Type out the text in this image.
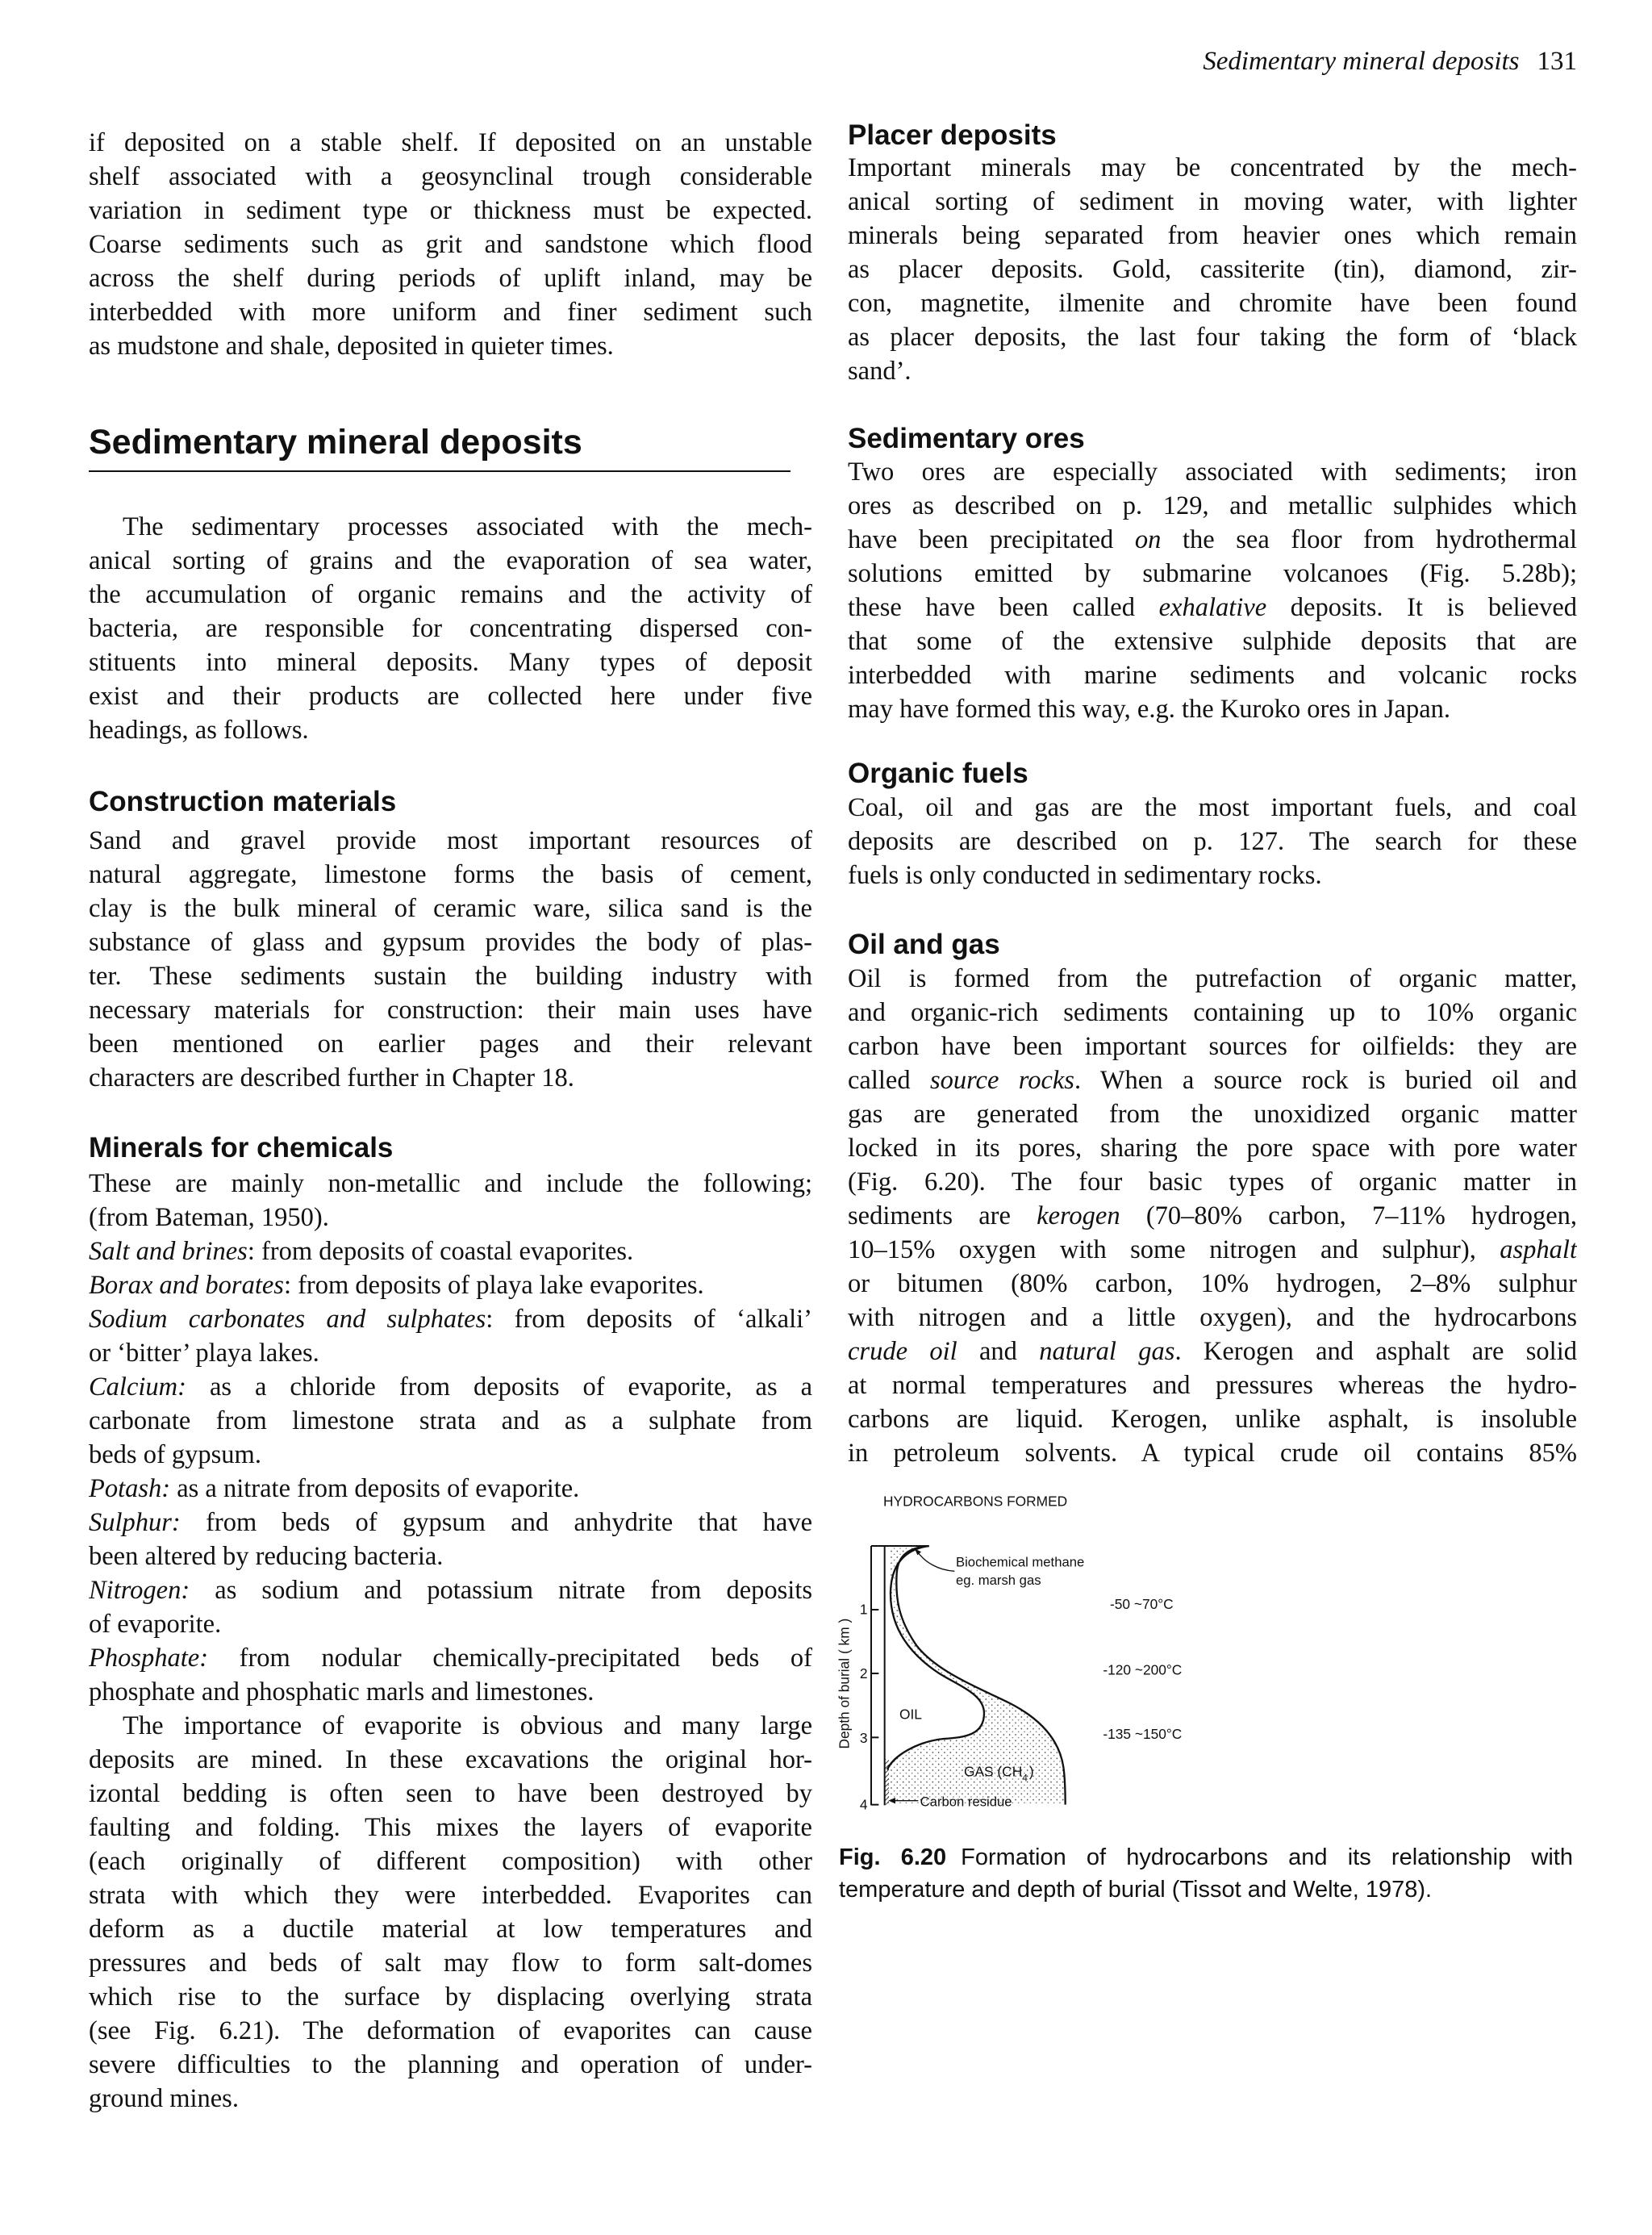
Sedimentary mineral deposits 131
if deposited on a stable shelf. If deposited on an unstable
shelf associated with a geosynclinal trough considerable
variation in sediment type or thickness must be expected.
Coarse sediments such as grit and sandstone which flood
across the shelf during periods of uplift inland, may be
interbedded with more uniform and finer sediment such
as mudstone and shale, deposited in quieter times.
Sedimentary mineral deposits
The sedimentary processes associated with the mech-
anical sorting of grains and the evaporation of sea water,
the accumulation of organic remains and the activity of
bacteria, are responsible for concentrating dispersed con-
stituents into mineral deposits. Many types of deposit
exist and their products are collected here under five
headings, as follows.
Construction materials
Sand and gravel provide most important resources of
natural aggregate, limestone forms the basis of cement,
clay is the bulk mineral of ceramic ware, silica sand is the
substance of glass and gypsum provides the body of plas-
ter. These sediments sustain the building industry with
necessary materials for construction: their main uses have
been mentioned on earlier pages and their relevant
characters are described further in Chapter 18.
Minerals for chemicals
These are mainly non-metallic and include the following;
(from Bateman, 1950).
Salt and brines: from deposits of coastal evaporites.
Borax and borates: from deposits of playa lake evaporites.
Sodium carbonates and sulphates: from deposits of ‘alkali’
or ‘bitter’ playa lakes.
Calcium: as a chloride from deposits of evaporite, as a
carbonate from limestone strata and as a sulphate from
beds of gypsum.
Potash: as a nitrate from deposits of evaporite.
Sulphur: from beds of gypsum and anhydrite that have
been altered by reducing bacteria.
Nitrogen: as sodium and potassium nitrate from deposits
of evaporite.
Phosphate: from nodular chemically-precipitated beds of
phosphate and phosphatic marls and limestones.
The importance of evaporite is obvious and many large
deposits are mined. In these excavations the original hor-
izontal bedding is often seen to have been destroyed by
faulting and folding. This mixes the layers of evaporite
(each originally of different composition) with other
strata with which they were interbedded. Evaporites can
deform as a ductile material at low temperatures and
pressures and beds of salt may flow to form salt-domes
which rise to the surface by displacing overlying strata
(see Fig. 6.21). The deformation of evaporites can cause
severe difficulties to the planning and operation of under-
ground mines.
Placer deposits
Important minerals may be concentrated by the mech-
anical sorting of sediment in moving water, with lighter
minerals being separated from heavier ones which remain
as placer deposits. Gold, cassiterite (tin), diamond, zir-
con, magnetite, ilmenite and chromite have been found
as placer deposits, the last four taking the form of ‘black
sand’.
Sedimentary ores
Two ores are especially associated with sediments; iron
ores as described on p. 129, and metallic sulphides which
have been precipitated on the sea floor from hydrothermal
solutions emitted by submarine volcanoes (Fig. 5.28b);
these have been called exhalative deposits. It is believed
that some of the extensive sulphide deposits that are
interbedded with marine sediments and volcanic rocks
may have formed this way, e.g. the Kuroko ores in Japan.
Organic fuels
Coal, oil and gas are the most important fuels, and coal
deposits are described on p. 127. The search for these
fuels is only conducted in sedimentary rocks.
Oil and gas
Oil is formed from the putrefaction of organic matter,
and organic-rich sediments containing up to 10% organic
carbon have been important sources for oilfields: they are
called source rocks. When a source rock is buried oil and
gas are generated from the unoxidized organic matter
locked in its pores, sharing the pore space with pore water
(Fig. 6.20). The four basic types of organic matter in
sediments are kerogen (70–80% carbon, 7–11% hydrogen,
10–15% oxygen with some nitrogen and sulphur), asphalt
or bitumen (80% carbon, 10% hydrogen, 2–8% sulphur
with nitrogen and a little oxygen), and the hydrocarbons
crude oil and natural gas. Kerogen and asphalt are solid
at normal temperatures and pressures whereas the hydro-
carbons are liquid. Kerogen, unlike asphalt, is insoluble
in petroleum solvents. A typical crude oil contains 85%
HYDROCARBONS FORMED
1
2
3
4
Depth of burial ( km )
Biochemical methane
eg. marsh gas
-50 ~70°C
-120 ~200°C
-135 ~150°C
OIL
GAS $(CH_4)$
Carbon residue
Fig. 6.20 Formation of hydrocarbons and its relationship with temperature and depth of burial (Tissot and Welte, 1978).
